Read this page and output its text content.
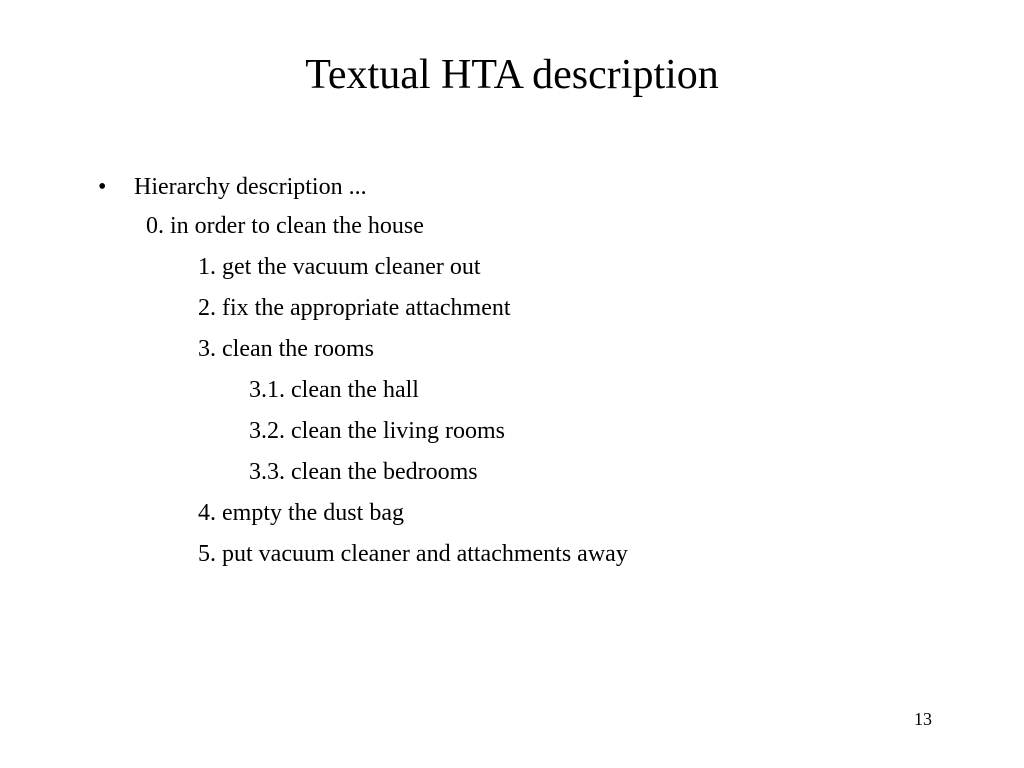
Textual HTA description
•	Hierarchy description ...
0. in order to clean the house
1. get the vacuum cleaner out
2. fix the appropriate attachment
3. clean the rooms
3.1. clean the hall
3.2. clean the living rooms
3.3. clean the bedrooms
4. empty the dust bag
5. put vacuum cleaner and attachments away
13
